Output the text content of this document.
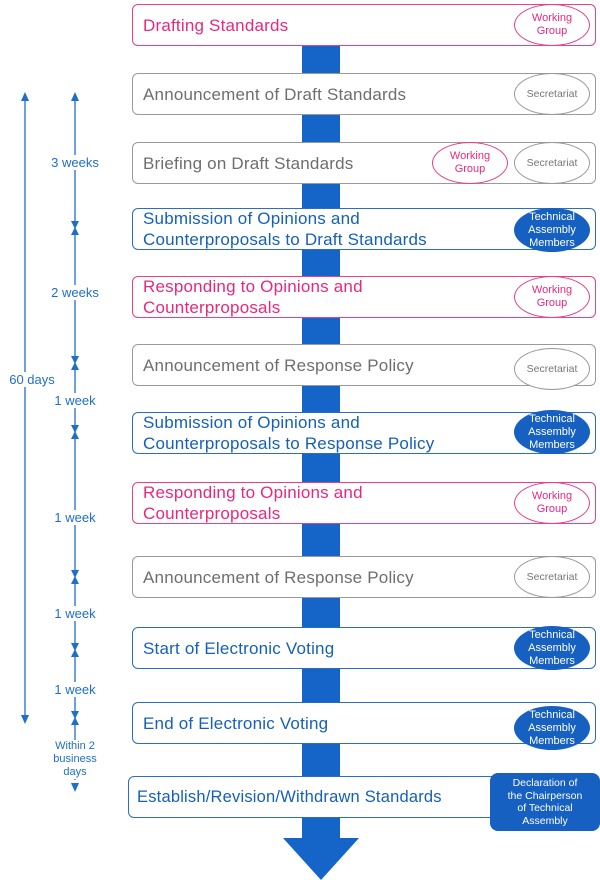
60 days
3 weeks
2 weeks
1 week
1 week
1 week
1 week
Within 2
business
days
Drafting Standards	Working
Group
Announcement of Draft Standards	Secretariat
Briefing on Draft Standards	Working
Group
Secretariat
Submission of Opinions and
Counterproposals to Draft Standards
Technical
Assembly
Members
Responding to Opinions and
Counterproposals
Working
Group
Announcement of Response Policy	Secretariat
Submission of Opinions and
Counterproposals to Response Policy
Technical
Assembly
Members
Responding to Opinions and
Counterproposals
Working
Group
Announcement of Response Policy	Secretariat
Start of Electronic Voting
Technical
Assembly
Members
End of Electronic Voting	Technical
Assembly
Members
Establish/Revision/Withdrawn Standards
Declaration of
the Chairperson
of Technical
Assembly
